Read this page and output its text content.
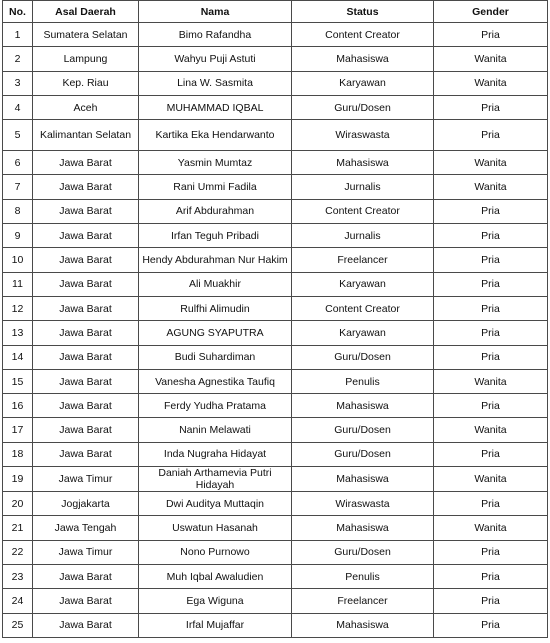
No.	Asal Daerah	Nama	Status	Gender
1	Sumatera Selatan	Bimo Rafandha	Content Creator	Pria
2	Lampung	Wahyu Puji Astuti	Mahasiswa	Wanita
3	Kep. Riau	Lina W. Sasmita	Karyawan	Wanita
4	Aceh	MUHAMMAD IQBAL	Guru/Dosen	Pria
5	Kalimantan Selatan	Kartika Eka Hendarwanto	Wiraswasta	Pria
6	Jawa Barat	Yasmin Mumtaz	Mahasiswa	Wanita
7	Jawa Barat	Rani Ummi Fadila	Jurnalis	Wanita
8	Jawa Barat	Arif Abdurahman	Content Creator	Pria
9	Jawa Barat	Irfan Teguh Pribadi	Jurnalis	Pria
10	Jawa Barat	Hendy Abdurahman Nur Hakim	Freelancer	Pria
11	Jawa Barat	Ali Muakhir	Karyawan	Pria
12	Jawa Barat	Rulfhi Alimudin	Content Creator	Pria
13	Jawa Barat	AGUNG SYAPUTRA	Karyawan	Pria
14	Jawa Barat	Budi Suhardiman	Guru/Dosen	Pria
15	Jawa Barat	Vanesha Agnestika Taufiq	Penulis	Wanita
16	Jawa Barat	Ferdy Yudha Pratama	Mahasiswa	Pria
17	Jawa Barat	Nanin Melawati	Guru/Dosen	Wanita
18	Jawa Barat	Inda Nugraha Hidayat	Guru/Dosen	Pria
19	Jawa Timur	Daniah Arthamevia Putri Hidayah	Mahasiswa	Wanita
20	Jogjakarta	Dwi Auditya Muttaqin	Wiraswasta	Pria
21	Jawa Tengah	Uswatun Hasanah	Mahasiswa	Wanita
22	Jawa Timur	Nono Purnowo	Guru/Dosen	Pria
23	Jawa Barat	Muh Iqbal Awaludien	Penulis	Pria
24	Jawa Barat	Ega Wiguna	Freelancer	Pria
25	Jawa Barat	Irfal Mujaffar	Mahasiswa	Pria
